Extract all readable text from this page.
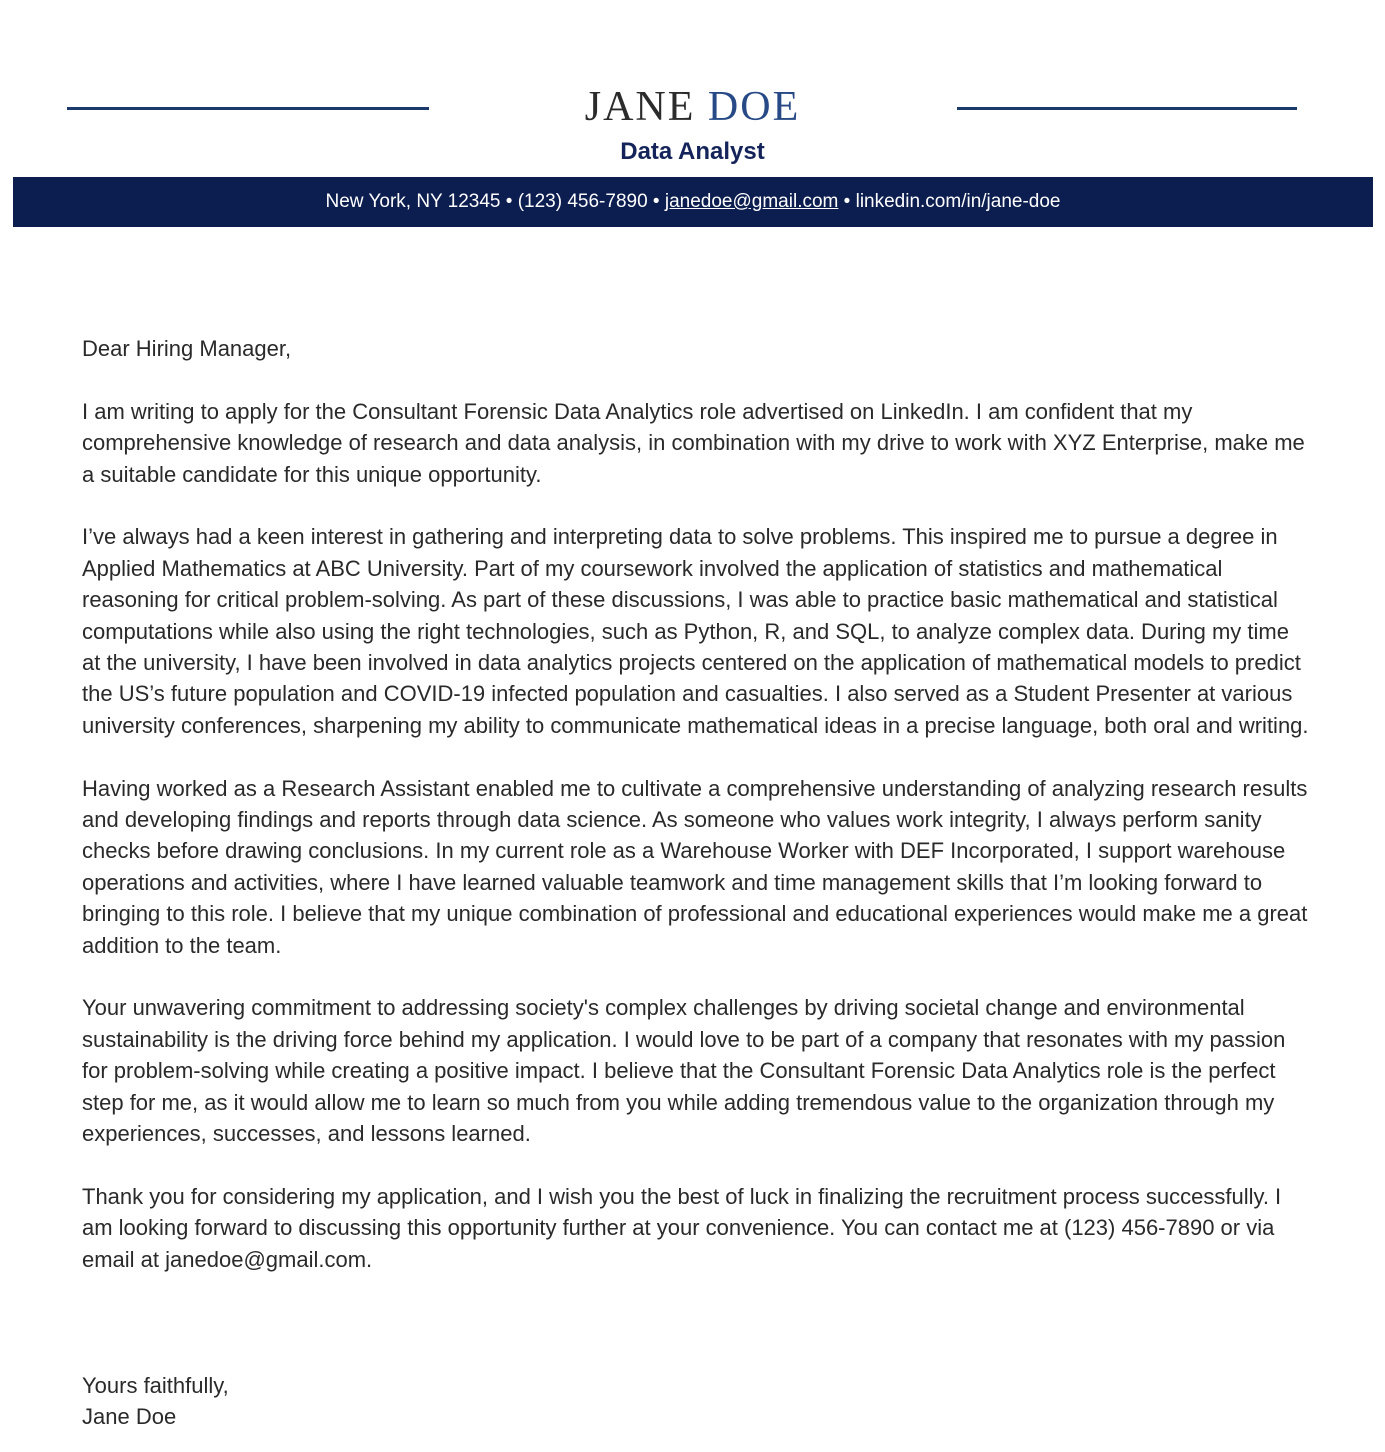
JANE DOE
Data Analyst
New York, NY 12345 • (123) 456-7890 • janedoe@gmail.com • linkedin.com/in/jane-doe

Dear Hiring Manager,

I am writing to apply for the Consultant Forensic Data Analytics role advertised on LinkedIn. I am confident that my comprehensive knowledge of research and data analysis, in combination with my drive to work with XYZ Enterprise, make me a suitable candidate for this unique opportunity.

I’ve always had a keen interest in gathering and interpreting data to solve problems. This inspired me to pursue a degree in Applied Mathematics at ABC University. Part of my coursework involved the application of statistics and mathematical reasoning for critical problem-solving. As part of these discussions, I was able to practice basic mathematical and statistical computations while also using the right technologies, such as Python, R, and SQL, to analyze complex data. During my time at the university, I have been involved in data analytics projects centered on the application of mathematical models to predict the US’s future population and COVID-19 infected population and casualties. I also served as a Student Presenter at various university conferences, sharpening my ability to communicate mathematical ideas in a precise language, both oral and writing.

Having worked as a Research Assistant enabled me to cultivate a comprehensive understanding of analyzing research results and developing findings and reports through data science. As someone who values work integrity, I always perform sanity checks before drawing conclusions. In my current role as a Warehouse Worker with DEF Incorporated, I support warehouse operations and activities, where I have learned valuable teamwork and time management skills that I’m looking forward to bringing to this role. I believe that my unique combination of professional and educational experiences would make me a great addition to the team.

Your unwavering commitment to addressing society's complex challenges by driving societal change and environmental sustainability is the driving force behind my application. I would love to be part of a company that resonates with my passion for problem-solving while creating a positive impact. I believe that the Consultant Forensic Data Analytics role is the perfect step for me, as it would allow me to learn so much from you while adding tremendous value to the organization through my experiences, successes, and lessons learned.

Thank you for considering my application, and I wish you the best of luck in finalizing the recruitment process successfully. I am looking forward to discussing this opportunity further at your convenience. You can contact me at (123) 456-7890 or via email at janedoe@gmail.com.

Yours faithfully,
Jane Doe
